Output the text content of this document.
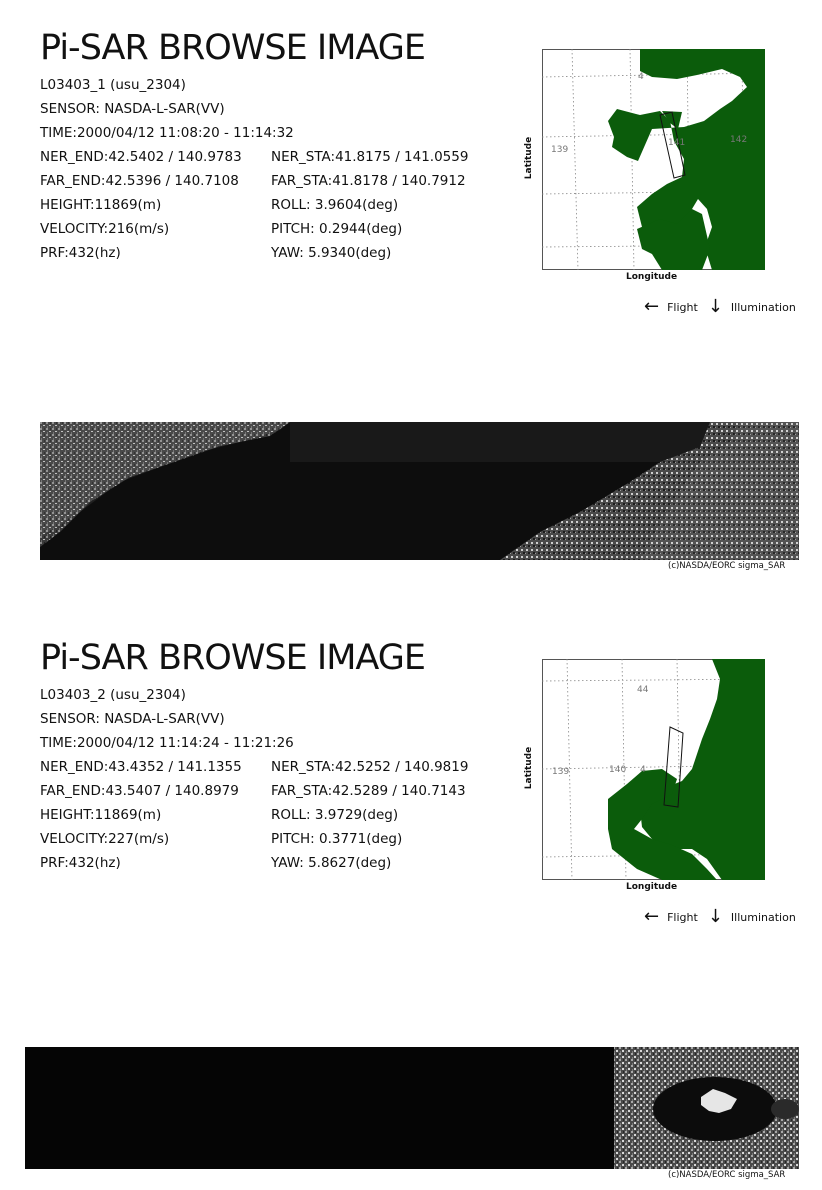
Pi-SAR BROWSE IMAGE
L03403_1 (usu_2304)
SENSOR: NASDA-L-SAR(VV)
TIME:2000/04/12 11:08:20 - 11:14:32
NER_END:42.5402 / 140.9783 NER_STA:41.8175 / 141.0559
FAR_END:42.5396 / 140.7108 FAR_STA:41.8178 / 140.7912
HEIGHT:11869(m)	ROLL: 3.9604(deg)
VELOCITY:216(m/s)	PITCH: 0.2944(deg)
PRF:432(hz)	YAW: 5.9340(deg)
4
139
141	142
Longitude
Latitude
← Flight ↓ Illumination
(c)NASDA/EORC sigma_SAR
Pi-SAR BROWSE IMAGE
L03403_2 (usu_2304)
SENSOR: NASDA-L-SAR(VV)
TIME:2000/04/12 11:14:24 - 11:21:26
NER_END:43.4352 / 141.1355 NER_STA:42.5252 / 140.9819
FAR_END:43.5407 / 140.8979 FAR_STA:42.5289 / 140.7143
HEIGHT:11869(m)	ROLL: 3.9729(deg)
VELOCITY:227(m/s)	PITCH: 0.3771(deg)
PRF:432(hz)	YAW: 5.8627(deg)
44
139	140 4
Longitude
Latitude
← Flight ↓ Illumination
(c)NASDA/EORC sigma_SAR
